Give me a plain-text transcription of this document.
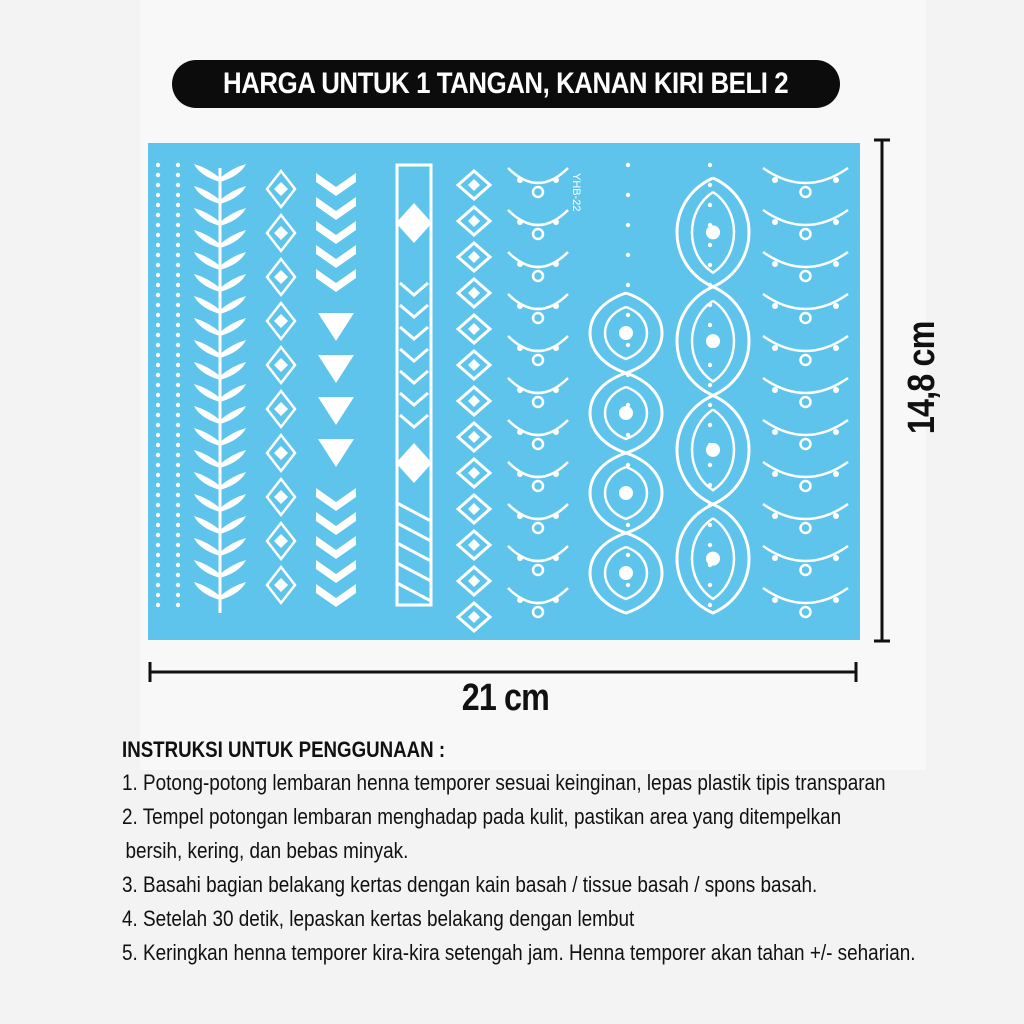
HARGA UNTUK 1 TANGAN, KANAN KIRI BELI 2
YHB-22
14,8 cm
21 cm
INSTRUKSI UNTUK PENGGUNAAN :
1. Potong-potong lembaran henna temporer sesuai keinginan, lepas plastik tipis transparan
2. Tempel potongan lembaran menghadap pada kulit, pastikan area yang ditempelkan
bersih, kering, dan bebas minyak.
3. Basahi bagian belakang kertas dengan kain basah / tissue basah / spons basah.
4. Setelah 30 detik, lepaskan kertas belakang dengan lembut
5. Keringkan henna temporer kira-kira setengah jam. Henna temporer akan tahan +/- seharian.
